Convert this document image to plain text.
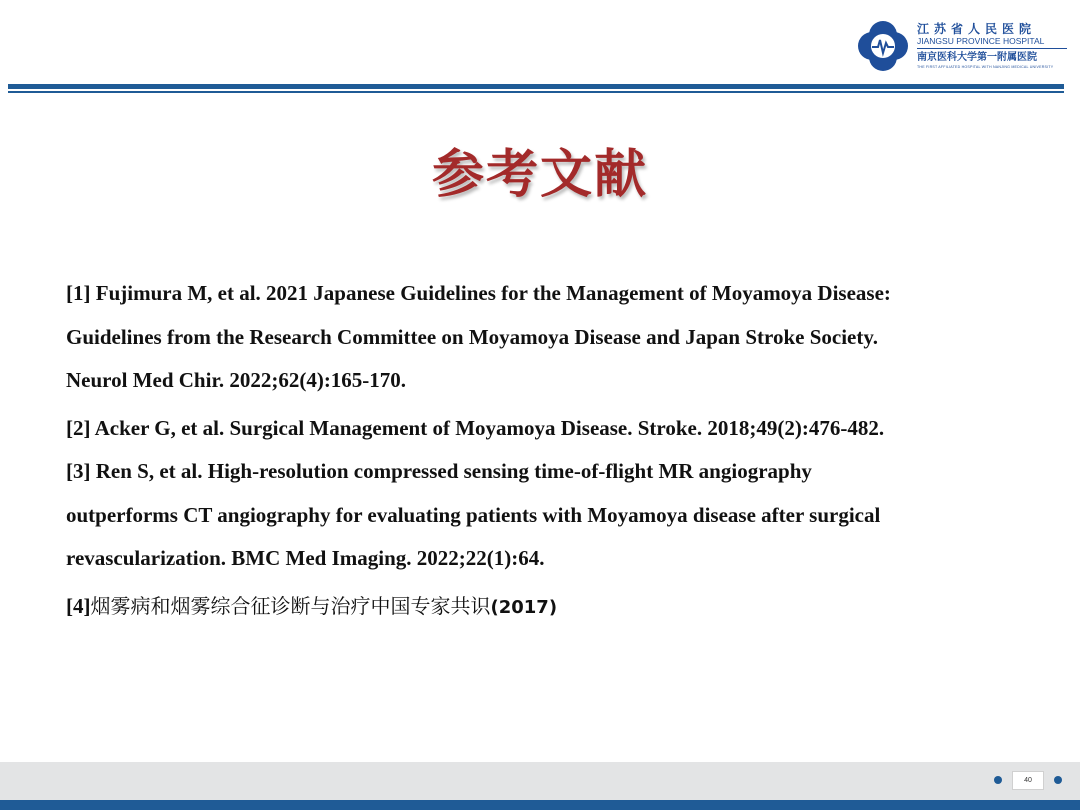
江苏省人民医院
JIANGSU PROVINCE HOSPITAL
南京医科大学第一附属医院
THE FIRST AFFILIATED HOSPITAL WITH NANJING MEDICAL UNIVERSITY
参考文献

[1] Fujimura M, et al. 2021 Japanese Guidelines for the Management of Moyamoya Disease:

Guidelines from the Research Committee on Moyamoya Disease and Japan Stroke Society.

Neurol Med Chir. 2022;62(4):165-170.

[2] Acker G, et al. Surgical Management of Moyamoya Disease. Stroke. 2018;49(2):476-482.

[3] Ren S, et al. High-resolution compressed sensing time-of-flight MR angiography

outperforms CT angiography for evaluating patients with Moyamoya disease after surgical

revascularization. BMC Med Imaging. 2022;22(1):64.

[4]烟雾病和烟雾综合征诊断与治疗中国专家共识(2017)
40
